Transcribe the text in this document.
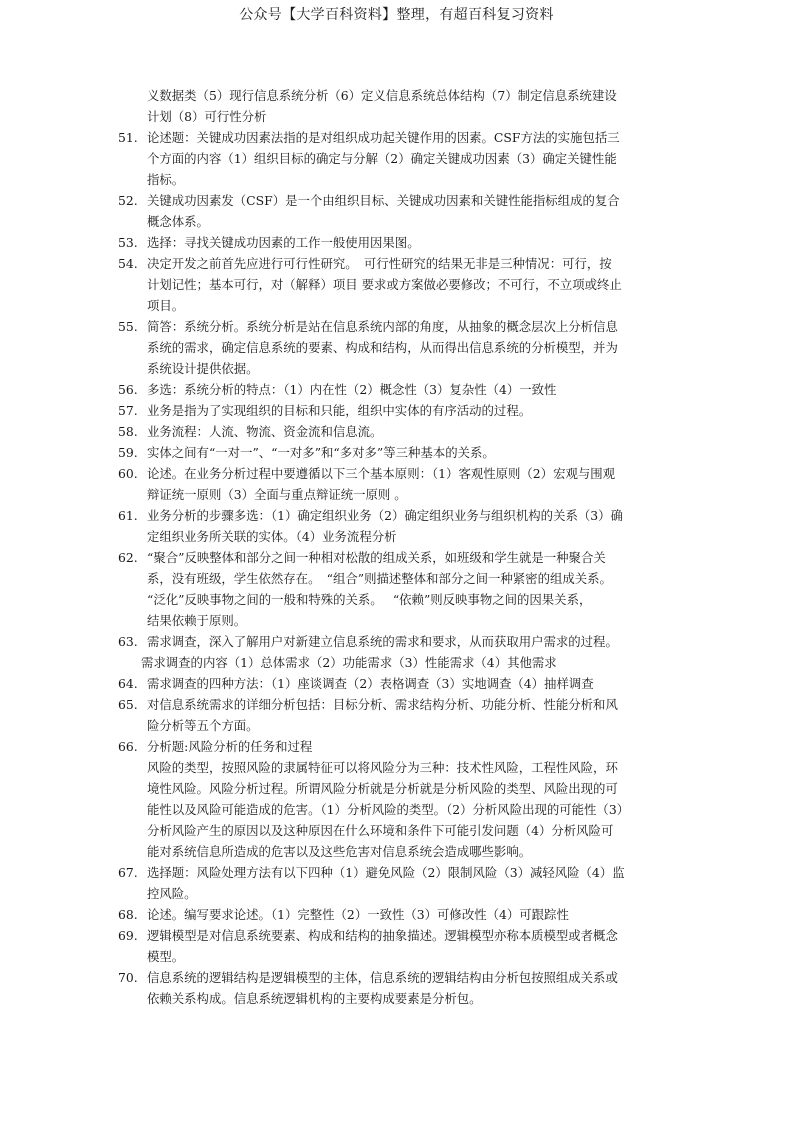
公众号【大学百科资料】整理，有超百科复习资料
义数据类（5）现行信息系统分析（6）定义信息系统总体结构（7）制定信息系统建设
计划（8）可行性分析
51. 论述题：关键成功因素法指的是对组织成功起关键作用的因素。CSF方法的实施包括三
个方面的内容（1）组织目标的确定与分解（2）确定关键成功因素（3）确定关键性能
指标。
52. 关键成功因素发（CSF）是一个由组织目标、关键成功因素和关键性能指标组成的复合
概念体系。
53. 选择：寻找关键成功因素的工作一般使用因果图。
54. 决定开发之前首先应进行可行性研究。　可行性研究的结果无非是三种情况：可行，按
计划记性；基本可行，对（解释）项目 要求或方案做必要修改；不可行，不立项或终止
项目。
55. 简答：系统分析。系统分析是站在信息系统内部的角度，从抽象的概念层次上分析信息
系统的需求，确定信息系统的要素、构成和结构，从而得出信息系统的分析模型，并为
系统设计提供依据。
56. 多选：系统分析的特点：（1）内在性（2）概念性（3）复杂性（4）一致性
57. 业务是指为了实现组织的目标和只能，组织中实体的有序活动的过程。
58. 业务流程：人流、物流、资金流和信息流。
59. 实体之间有“一对一”、“一对多”和“多对多”等三种基本的关系。
60. 论述。在业务分析过程中要遵循以下三个基本原则：（1）客观性原则（2）宏观与围观
辩证统一原则（3）全面与重点辩证统一原则 。
61. 业务分析的步骤多选：（1）确定组织业务（2）确定组织业务与组织机构的关系（3）确
定组织业务所关联的实体。（4）业务流程分析
62. “聚合”反映整体和部分之间一种相对松散的组成关系，如班级和学生就是一种聚合关
系，没有班级，学生依然存在。　“组合”则描述整体和部分之间一种紧密的组成关系。
“泛化”反映事物之间的一般和特殊的关系。　 “依赖”则反映事物之间的因果关系，
结果依赖于原则。
63. 需求调查，深入了解用户对新建立信息系统的需求和要求，从而获取用户需求的过程。
需求调查的内容（1）总体需求（2）功能需求（3）性能需求（4）其他需求
64. 需求调查的四种方法：（1）座谈调查（2）表格调查（3）实地调查（4）抽样调查
65. 对信息系统需求的详细分析包括：目标分析、需求结构分析、功能分析、性能分析和风
险分析等五个方面。
66. 分析题:风险分析的任务和过程
风险的类型，按照风险的隶属特征可以将风险分为三种：技术性风险，工程性风险，环
境性风险。风险分析过程。所谓风险分析就是分析就是分析风险的类型、风险出现的可
能性以及风险可能造成的危害。（1）分析风险的类型。（2）分析风险出现的可能性（3）
分析风险产生的原因以及这种原因在什么环境和条件下可能引发问题（4）分析风险可
能对系统信息所造成的危害以及这些危害对信息系统会造成哪些影响。
67. 选择题：风险处理方法有以下四种（1）避免风险（2）限制风险（3）减轻风险（4）监
控风险。
68. 论述。编写要求论述。（1）完整性（2）一致性（3）可修改性（4）可跟踪性
69. 逻辑模型是对信息系统要素、构成和结构的抽象描述。逻辑模型亦称本质模型或者概念
模型。
70. 信息系统的逻辑结构是逻辑模型的主体，信息系统的逻辑结构由分析包按照组成关系或
依赖关系构成。信息系统逻辑机构的主要构成要素是分析包。
